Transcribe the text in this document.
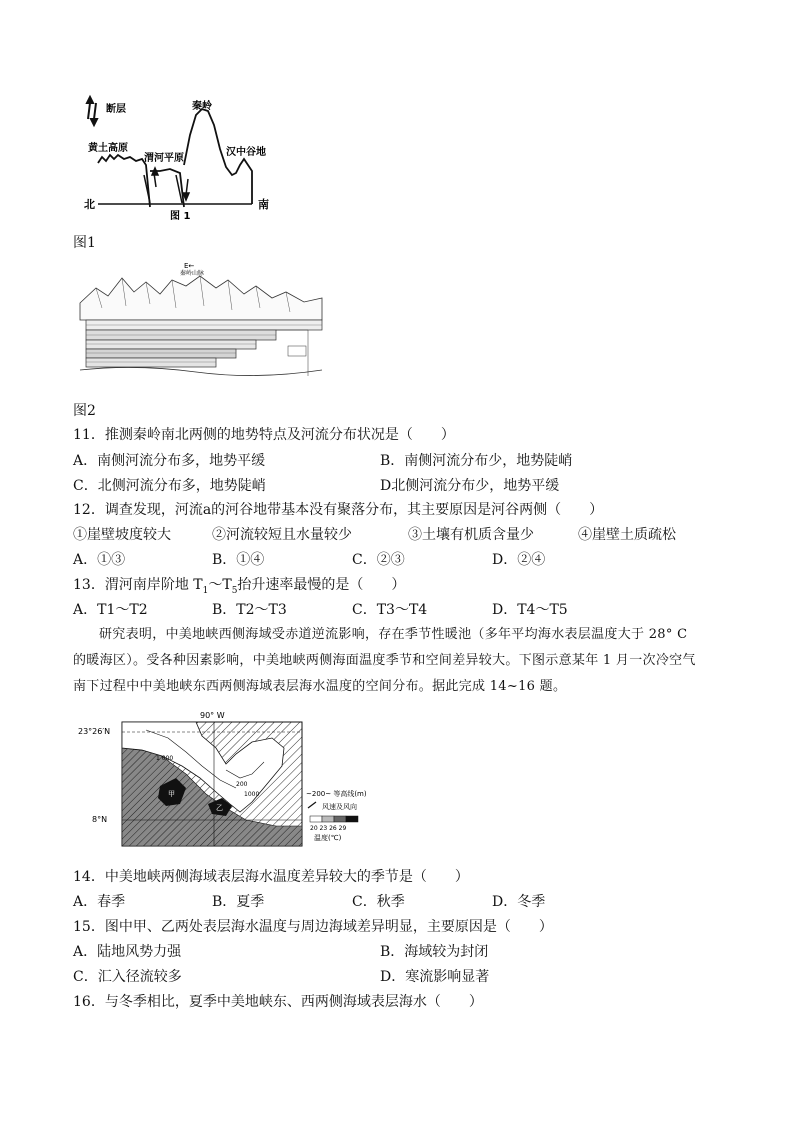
断层	秦岭
黄土高原
渭河平原
汉中谷地
北	南
图 1
图1
E←
秦岭山脉
图2
11．推测秦岭南北两侧的地势特点及河流分布状况是（　　）
A．南侧河流分布多，地势平缓	B．南侧河流分布少，地势陡峭
C．北侧河流分布多，地势陡峭	D北侧河流分布少，地势平缓
12．调查发现，河流a的河谷地带基本没有聚落分布，其主要原因是河谷两侧（　　）
①崖壁坡度较大	②河流较短且水量较少	③土壤有机质含量少	④崖壁土质疏松
A．①③	B．①④	C．②③	D．②④
13．渭河南岸阶地 $T_1\sim T_5$抬升速率最慢的是（　　）
A．T1～T2	B．T2～T3	C．T3～T4	D．T4～T5
研究表明，中美地峡西侧海域受赤道逆流影响，存在季节性暖池（多年平均海水表层温度大于 28° C
的暖海区）。受各种因素影响，中美地峡两侧海面温度季节和空间差异较大。下图示意某年 1 月一次冷空气
南下过程中中美地峡东西两侧海域表层海水温度的空间分布。据此完成 14~16 题。
90° W
23°26′N
8°N
1 000
200
1000
甲
乙
~200~ 等高线(m)
风速及风向
20 23 26 29
温度(℃)
14．中美地峡两侧海域表层海水温度差异较大的季节是（　　）
A．春季	B．夏季	C．秋季	D．冬季
15．图中甲、乙两处表层海水温度与周边海域差异明显，主要原因是（　　）
A．陆地风势力强	B．海域较为封闭
C．汇入径流较多	D．寒流影响显著
16．与冬季相比，夏季中美地峡东、西两侧海域表层海水（　　）
